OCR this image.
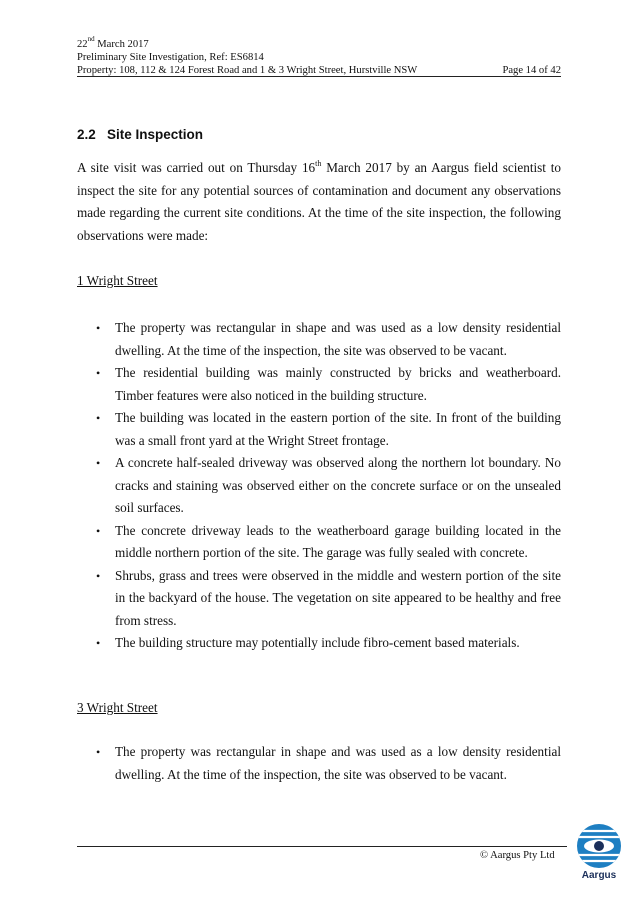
22nd March 2017
Preliminary Site Investigation, Ref: ES6814
Property: 108, 112 & 124 Forest Road and 1 & 3 Wright Street, Hurstville NSW	Page 14 of 42
2.2 Site Inspection

A site visit was carried out on Thursday 16th March 2017 by an Aargus field scientist to inspect the site for any potential sources of contamination and document any observations made regarding the current site conditions. At the time of the site inspection, the following observations were made:

1 Wright Street

• The property was rectangular in shape and was used as a low density residential dwelling. At the time of the inspection, the site was observed to be vacant.
• The residential building was mainly constructed by bricks and weatherboard. Timber features were also noticed in the building structure.
• The building was located in the eastern portion of the site. In front of the building was a small front yard at the Wright Street frontage.
• A concrete half-sealed driveway was observed along the northern lot boundary. No cracks and staining was observed either on the concrete surface or on the unsealed soil surfaces.
• The concrete driveway leads to the weatherboard garage building located in the middle northern portion of the site. The garage was fully sealed with concrete.
• Shrubs, grass and trees were observed in the middle and western portion of the site in the backyard of the house. The vegetation on site appeared to be healthy and free from stress.
• The building structure may potentially include fibro-cement based materials.

3 Wright Street

• The property was rectangular in shape and was used as a low density residential dwelling. At the time of the inspection, the site was observed to be vacant.
© Aargus Pty Ltd
Aargus
